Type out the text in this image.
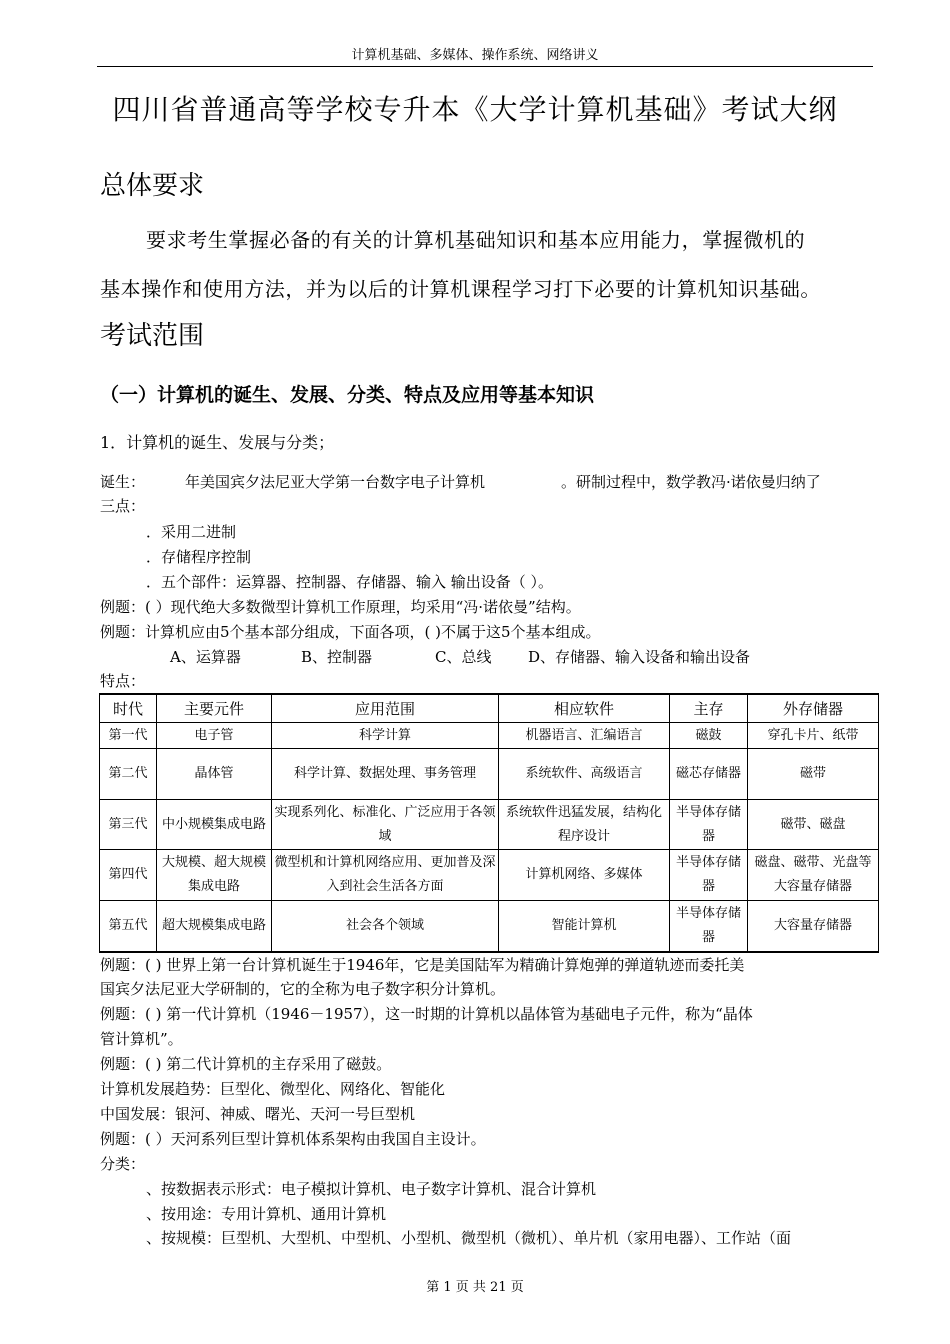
计算机基础、多媒体、操作系统、网络讲义
四川省普通高等学校专升本《大学计算机基础》考试大纲
总体要求
要求考生掌握必备的有关的计算机基础知识和基本应用能力，掌握微机的
基本操作和使用方法，并为以后的计算机课程学习打下必要的计算机知识基础。
考试范围
（一）计算机的诞生、发展、分类、特点及应用等基本知识
1．计算机的诞生、发展与分类；
诞生：	年美国宾夕法尼亚大学第一台数字电子计算机	。研制过程中，数学教冯·诺依曼归纳了
三点：
．采用二进制
．存储程序控制
．五个部件：运算器、控制器、存储器、输入 输出设备（ ）。
例题：( ）现代绝大多数微型计算机工作原理，均采用“冯·诺依曼”结构。
例题：计算机应由5个基本部分组成，下面各项，( )不属于这5个基本组成。
A、运算器	B、控制器	C、总线 D、存储器、输入设备和输出设备
特点：
时代	主要元件	应用范围	相应软件	主存	外存储器
第一代	电子管	科学计算	机器语言、汇编语言	磁鼓	穿孔卡片、纸带
第二代	晶体管	科学计算、数据处理、事务管理	系统软件、高级语言	磁芯存储器	磁带
第三代	中小规模集成电路	实现系列化、标准化、广泛应用于各领域	系统软件迅猛发展，结构化程序设计	半导体存储器	磁带、磁盘
第四代	大规模、超大规模集成电路	微型机和计算机网络应用、更加普及深入到社会生活各方面	计算机网络、多媒体	半导体存储器	磁盘、磁带、光盘等大容量存储器
第五代	超大规模集成电路	社会各个领域	智能计算机	半导体存储器	大容量存储器
例题：( ) 世界上第一台计算机诞生于1946年，它是美国陆军为精确计算炮弹的弹道轨迹而委托美
国宾夕法尼亚大学研制的，它的全称为电子数字积分计算机。
例题：( ) 第一代计算机（1946－1957），这一时期的计算机以晶体管为基础电子元件，称为“晶体
管计算机”。
例题：( ) 第二代计算机的主存采用了磁鼓。
计算机发展趋势：巨型化、微型化、网络化、智能化
中国发展：银河、神威、曙光、天河一号巨型机
例题：( ）天河系列巨型计算机体系架构由我国自主设计。
分类：
、按数据表示形式：电子模拟计算机、电子数字计算机、混合计算机
、按用途：专用计算机、通用计算机
、按规模：巨型机、大型机、中型机、小型机、微型机（微机）、单片机（家用电器）、工作站（面
第 1 页 共 21 页
